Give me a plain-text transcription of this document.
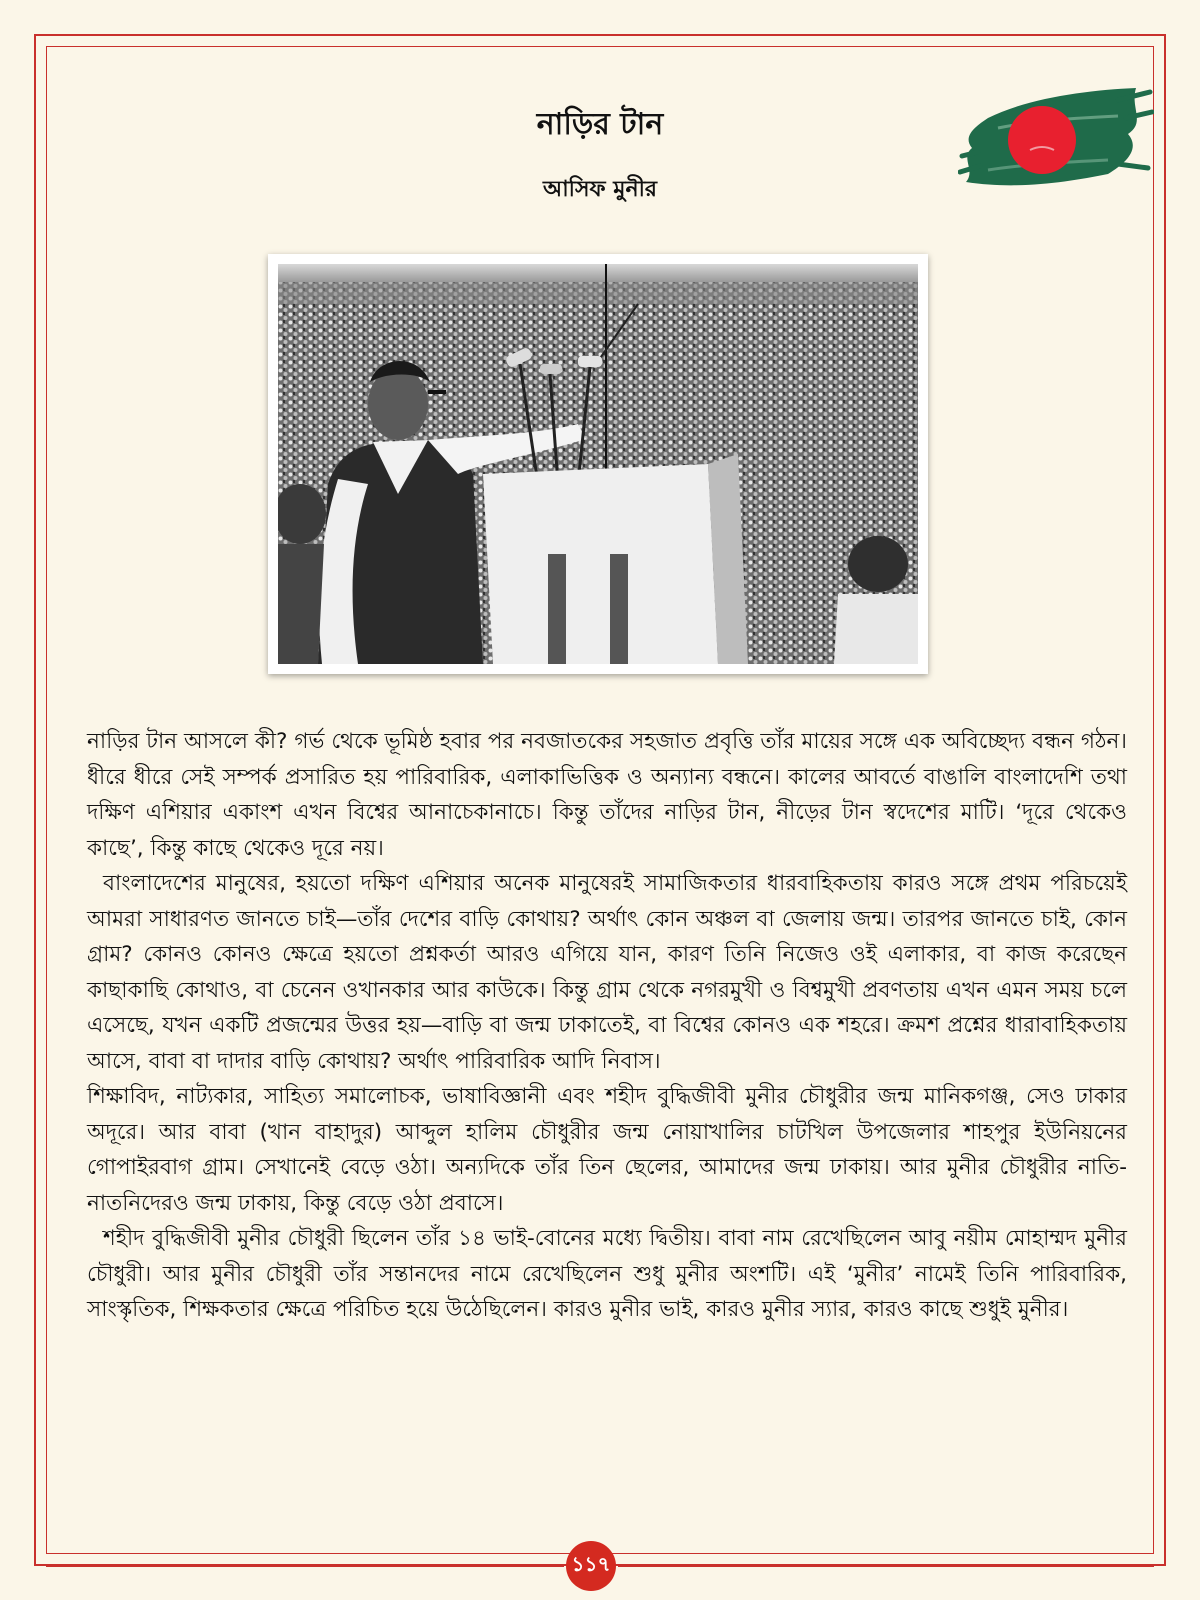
নাড়ির টান
আসিফ মুনীর

নাড়ির টান আসলে কী? গর্ভ থেকে ভূমিষ্ঠ হবার পর নবজাতকের সহজাত প্রবৃত্তি তাঁর মায়ের সঙ্গে এক অবিচ্ছেদ্য বন্ধন গঠন। ধীরে ধীরে সেই সম্পর্ক প্রসারিত হয় পারিবারিক, এলাকাভিত্তিক ও অন্যান্য বন্ধনে। কালের আবর্তে বাঙালি বাংলাদেশি তথা দক্ষিণ এশিয়ার একাংশ এখন বিশ্বের আনাচেকানাচে। কিন্তু তাঁদের নাড়ির টান, নীড়ের টান স্বদেশের মাটি। ‘দূরে থেকেও কাছে’, কিন্তু কাছে থেকেও দূরে নয়।

বাংলাদেশের মানুষের, হয়তো দক্ষিণ এশিয়ার অনেক মানুষেরই সামাজিকতার ধারবাহিকতায় কারও সঙ্গে প্রথম পরিচয়েই আমরা সাধারণত জানতে চাই—তাঁর দেশের বাড়ি কোথায়? অর্থাৎ কোন অঞ্চল বা জেলায় জন্ম। তারপর জানতে চাই, কোন গ্রাম? কোনও কোনও ক্ষেত্রে হয়তো প্রশ্নকর্তা আরও এগিয়ে যান, কারণ তিনি নিজেও ওই এলাকার, বা কাজ করেছেন কাছাকাছি কোথাও, বা চেনেন ওখানকার আর কাউকে। কিন্তু গ্রাম থেকে নগরমুখী ও বিশ্বমুখী প্রবণতায় এখন এমন সময় চলে এসেছে, যখন একটি প্রজন্মের উত্তর হয়—বাড়ি বা জন্ম ঢাকাতেই, বা বিশ্বের কোনও এক শহরে। ক্রমশ প্রশ্নের ধারাবাহিকতায় আসে, বাবা বা দাদার বাড়ি কোথায়? অর্থাৎ পারিবারিক আদি নিবাস।

শিক্ষাবিদ, নাট্যকার, সাহিত্য সমালোচক, ভাষাবিজ্ঞানী এবং শহীদ বুদ্ধিজীবী মুনীর চৌধুরীর জন্ম মানিকগঞ্জ, সেও ঢাকার অদূরে। আর বাবা (খান বাহাদুর) আব্দুল হালিম চৌধুরীর জন্ম নোয়াখালির চাটখিল উপজেলার শাহপুর ইউনিয়নের গোপাইরবাগ গ্রাম। সেখানেই বেড়ে ওঠা। অন্যদিকে তাঁর তিন ছেলের, আমাদের জন্ম ঢাকায়। আর মুনীর চৌধুরীর নাতি-নাতনিদেরও জন্ম ঢাকায়, কিন্তু বেড়ে ওঠা প্রবাসে।

শহীদ বুদ্ধিজীবী মুনীর চৌধুরী ছিলেন তাঁর ১৪ ভাই-বোনের মধ্যে দ্বিতীয়। বাবা নাম রেখেছিলেন আবু নয়ীম মোহাম্মদ মুনীর চৌধুরী। আর মুনীর চৌধুরী তাঁর সন্তানদের নামে রেখেছিলেন শুধু মুনীর অংশটি। এই ‘মুনীর’ নামেই তিনি পারিবারিক, সাংস্কৃতিক, শিক্ষকতার ক্ষেত্রে পরিচিত হয়ে উঠেছিলেন। কারও মুনীর ভাই, কারও মুনীর স্যার, কারও কাছে শুধুই মুনীর।

১১৭
